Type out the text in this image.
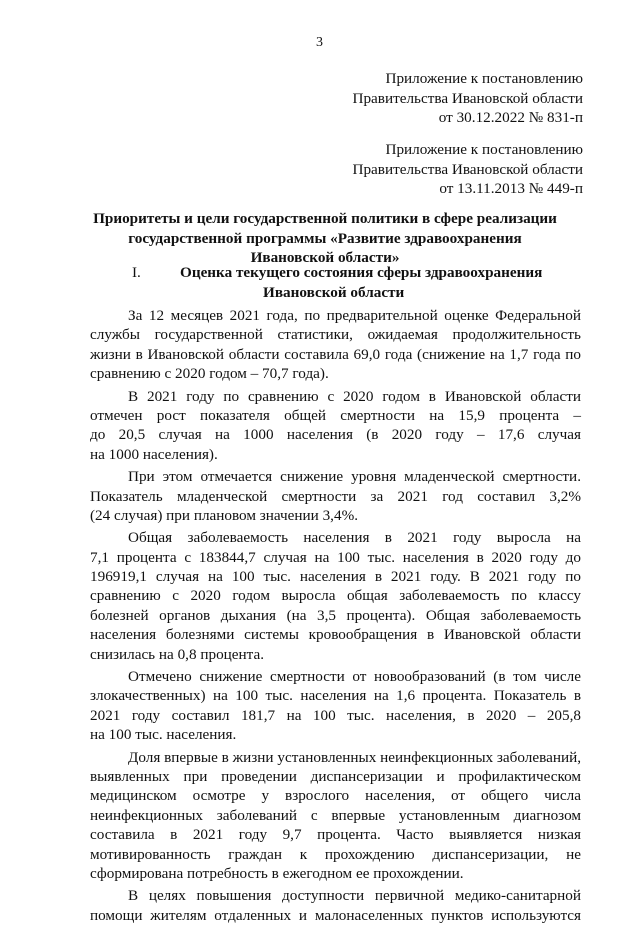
3
Приложение к постановлению
Правительства Ивановской области
от 30.12.2022 № 831-п
Приложение к постановлению
Правительства Ивановской области
от 13.11.2013 № 449-п
Приоритеты и цели государственной политики в сфере реализации
государственной программы «Развитие здравоохранения
Ивановской области»
I.	Оценка текущего состояния сферы здравоохранения
Ивановской области
За 12 месяцев 2021 года, по предварительной оценке Федеральной
службы государственной статистики, ожидаемая продолжительность
жизни в Ивановской области составила 69,0 года (снижение на 1,7 года по
сравнению с 2020 годом – 70,7 года).
В 2021 году по сравнению с 2020 годом в Ивановской области
отмечен рост показателя общей смертности на 15,9 процента –
до 20,5 случая на 1000 населения (в 2020 году – 17,6 случая
на 1000 населения).
При этом отмечается снижение уровня младенческой смертности.
Показатель младенческой смертности за 2021 год составил 3,2%
(24 случая) при плановом значении 3,4%.
Общая заболеваемость населения в 2021 году выросла на
7,1 процента с 183844,7 случая на 100 тыс. населения в 2020 году до
196919,1 случая на 100 тыс. населения в 2021 году. В 2021 году по
сравнению с 2020 годом выросла общая заболеваемость по классу
болезней органов дыхания (на 3,5 процента). Общая заболеваемость
населения болезнями системы кровообращения в Ивановской области
снизилась на 0,8 процента.
Отмечено снижение смертности от новообразований (в том числе
злокачественных) на 100 тыс. населения на 1,6 процента. Показатель в
2021 году составил 181,7 на 100 тыс. населения, в 2020 – 205,8
на 100 тыс. населения.
Доля впервые в жизни установленных неинфекционных заболеваний,
выявленных при проведении диспансеризации и профилактическом
медицинском осмотре у взрослого населения, от общего числа
неинфекционных заболеваний с впервые установленным диагнозом
составила в 2021 году 9,7 процента. Часто выявляется низкая
мотивированность граждан к прохождению диспансеризации, не
сформирована потребность в ежегодном ее прохождении.
В целях повышения доступности первичной медико-санитарной
помощи жителям отдаленных и малонаселенных пунктов используются
